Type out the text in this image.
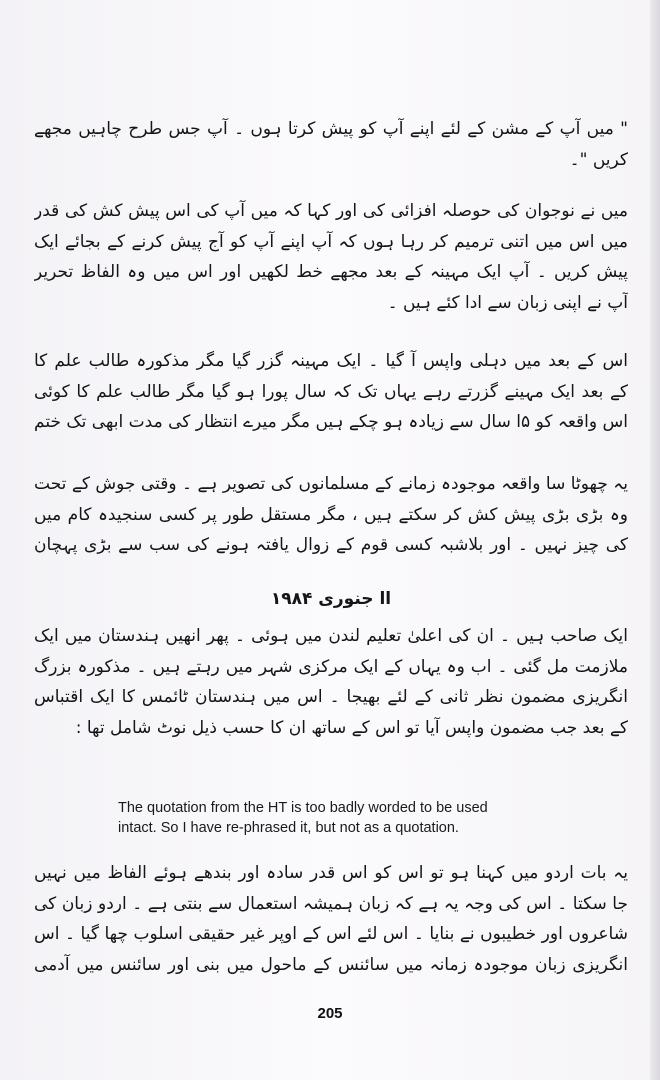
" میں آپ کے مشن کے لئے اپنے آپ کو پیش کرتا ہوں ۔ آپ جس طرح چاہیں مجھے
کریں "۔
میں نے نوجوان کی حوصلہ افزائی کی اور کہا کہ میں آپ کی اس پیش کش کی قدر
میں اس میں اتنی ترمیم کر رہا ہوں کہ آپ اپنے آپ کو آج پیش کرنے کے بجائے ایک
پیش کریں ۔ آپ ایک مہینہ کے بعد مجھے خط لکھیں اور اس میں وہ الفاظ تحریر
آپ نے اپنی زبان سے ادا کئے ہیں ۔
اس کے بعد میں دہلی واپس آ گیا ۔ ایک مہینہ گزر گیا مگر مذکورہ طالب علم کا
کے بعد ایک مہینے گزرتے رہے یہاں تک کہ سال پورا ہو گیا مگر طالب علم کا کوئی
اس واقعہ کو ۵ا سال سے زیادہ ہو چکے ہیں مگر میرے انتظار کی مدت ابھی تک ختم
یہ چھوٹا سا واقعہ موجودہ زمانے کے مسلمانوں کی تصویر ہے ۔ وقتی جوش کے تحت
وہ بڑی بڑی پیش کش کر سکتے ہیں ، مگر مستقل طور پر کسی سنجیدہ کام میں
کی چیز نہیں ۔ اور بلاشبہ کسی قوم کے زوال یافتہ ہونے کی سب سے بڑی پہچان
اا جنوری ۱۹۸۴
ایک صاحب ہیں ۔ ان کی اعلیٰ تعلیم لندن میں ہوئی ۔ پھر انھیں ہندستان میں ایک
ملازمت مل گئی ۔ اب وہ یہاں کے ایک مرکزی شہر میں رہتے ہیں ۔ مذکورہ بزرگ
انگریزی مضمون نظر ثانی کے لئے بھیجا ۔ اس میں ہندستان ٹائمس کا ایک اقتباس
کے بعد جب مضمون واپس آیا تو اس کے ساتھ ان کا حسب ذیل نوٹ شامل تھا :
The quotation from the HT is too badly worded to be used
intact. So I have re-phrased it, but not as a quotation.
یہ بات اردو میں کہنا ہو تو اس کو اس قدر سادہ اور بندھے ہوئے الفاظ میں نہیں
جا سکتا ۔ اس کی وجہ یہ ہے کہ زبان ہمیشہ استعمال سے بنتی ہے ۔ اردو زبان کی
شاعروں اور خطیبوں نے بنایا ۔ اس لئے اس کے اوپر غیر حقیقی اسلوب چھا گیا ۔ اس
انگریزی زبان موجودہ زمانہ میں سائنس کے ماحول میں بنی اور سائنس میں آدمی
205
